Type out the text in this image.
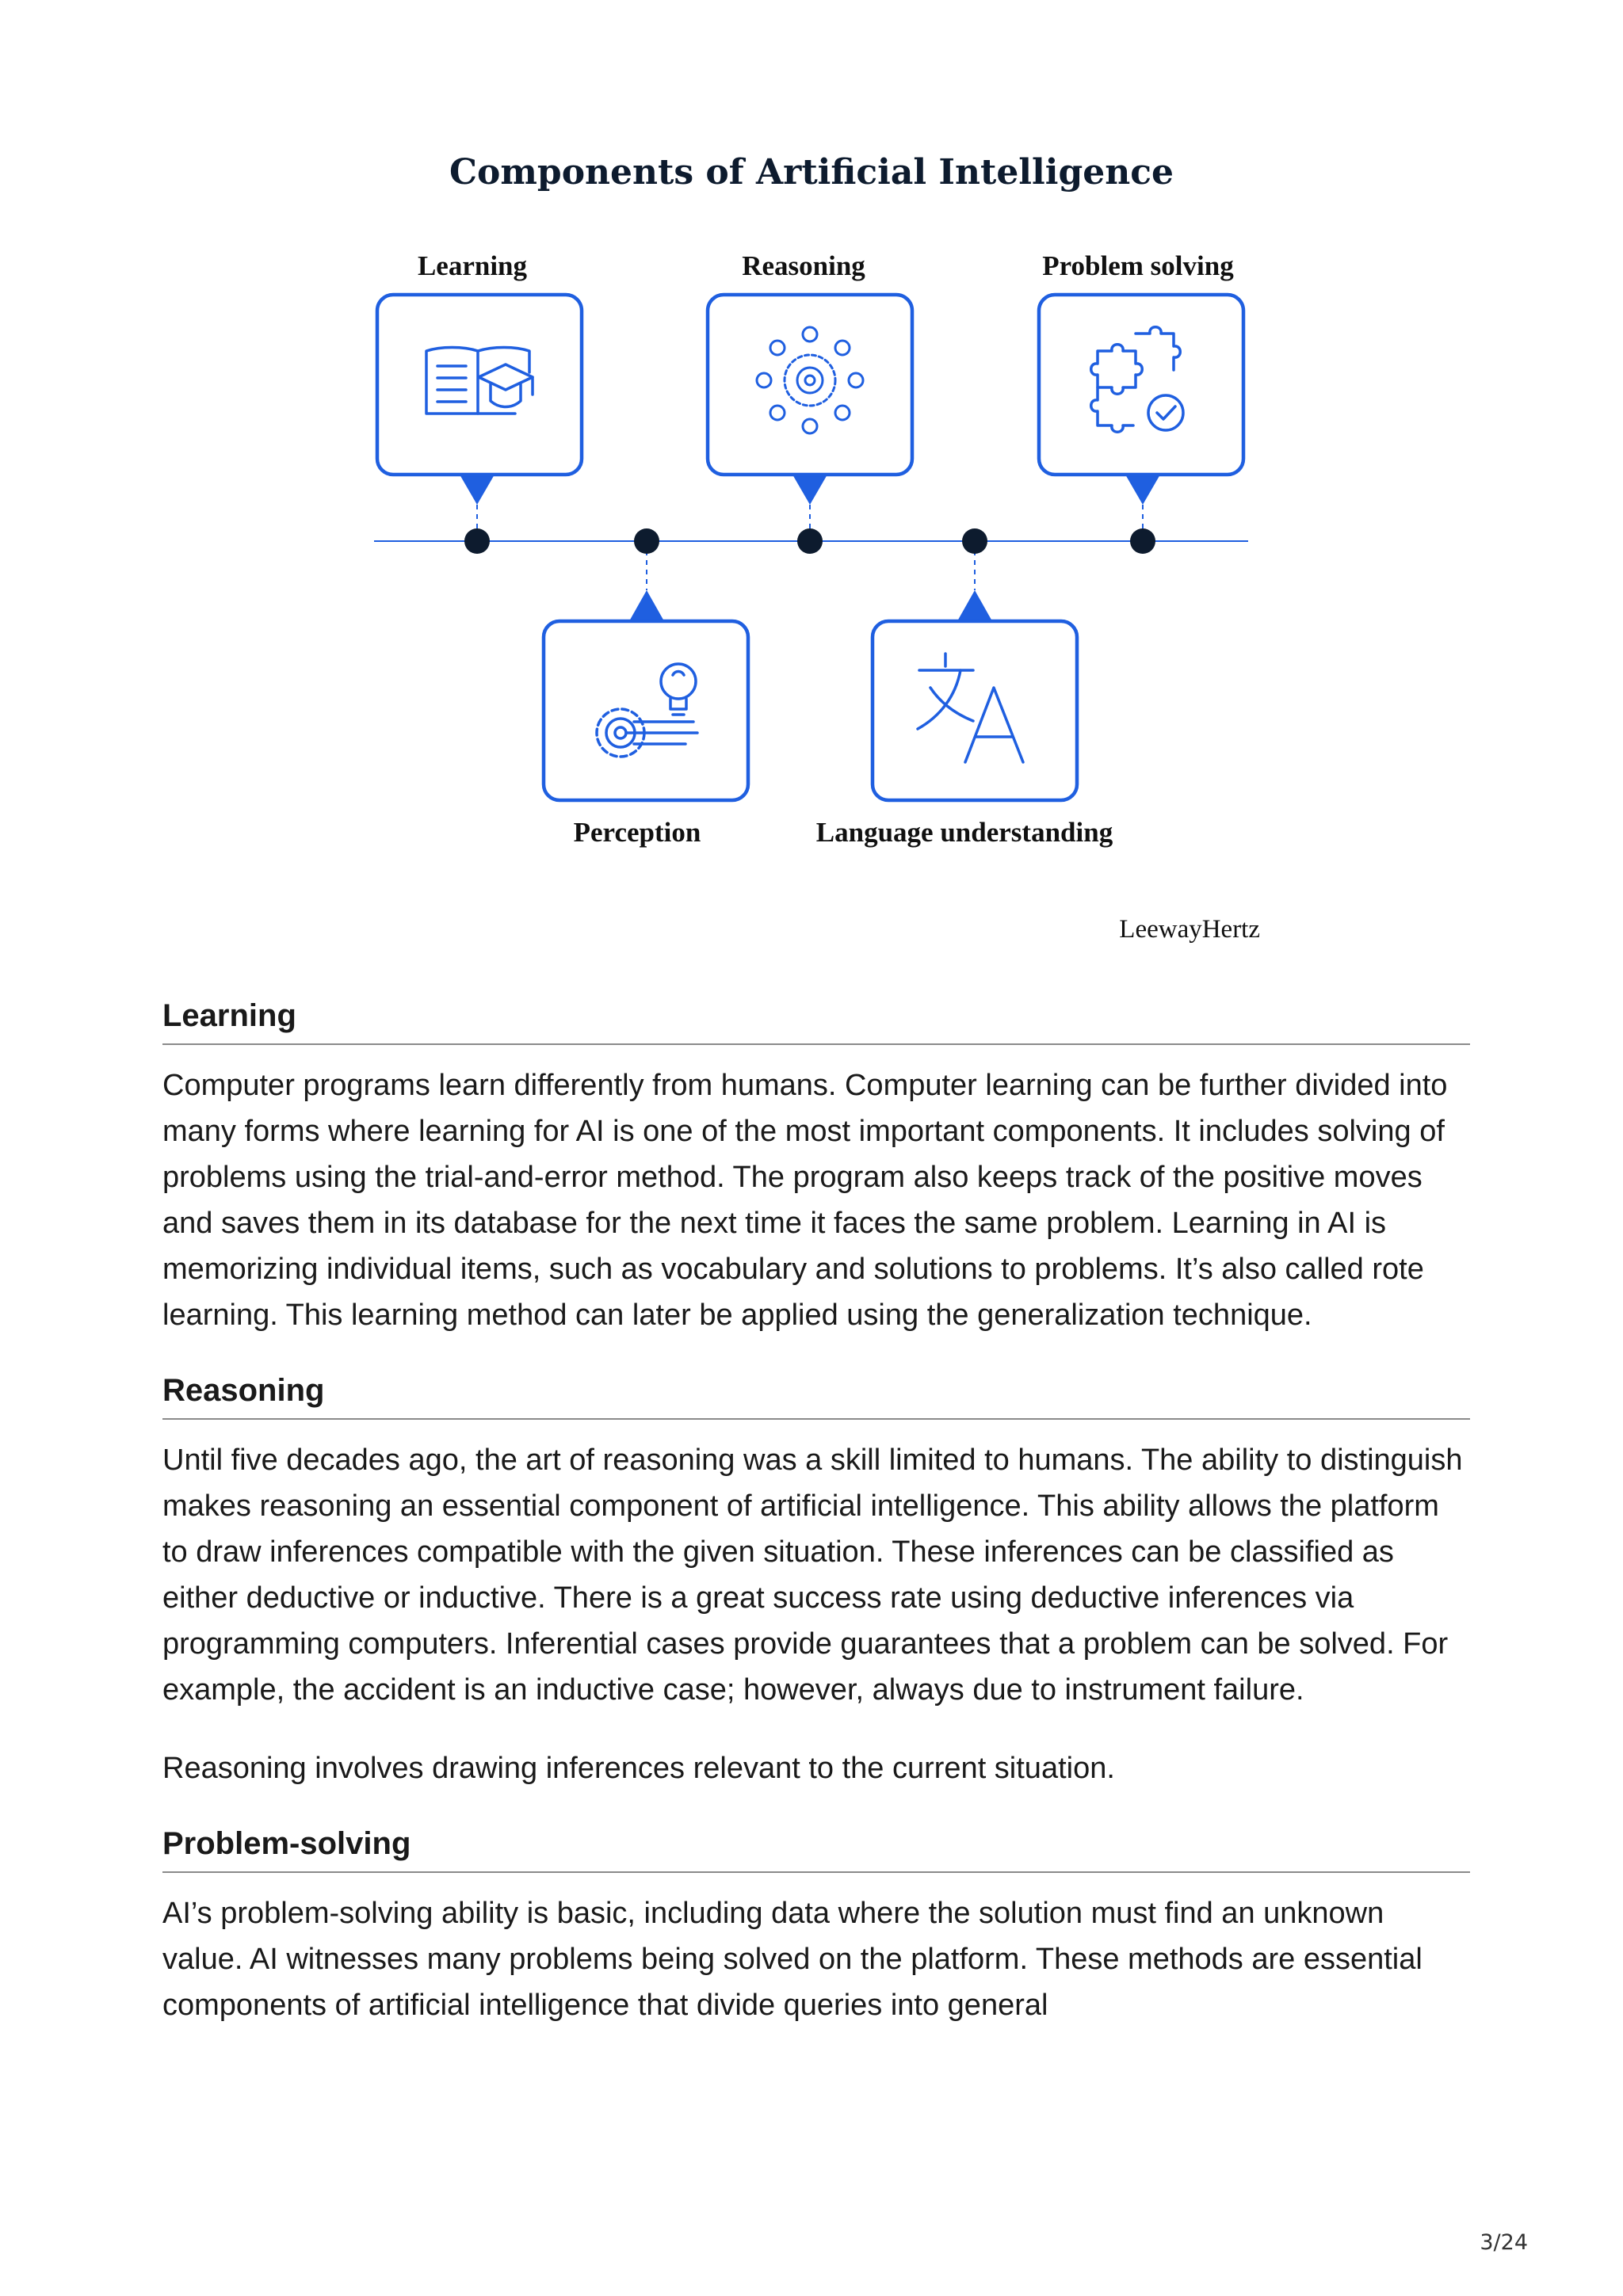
Components of Artificial Intelligence
Learning	Reasoning	Problem solving
Perception	Language understanding
LeewayHertz
Learning

Computer programs learn differently from humans. Computer learning can be further divided into many forms where learning for AI is one of the most important components. It includes solving of problems using the trial-and-error method. The program also keeps track of the positive moves and saves them in its database for the next time it faces the same problem. Learning in AI is memorizing individual items, such as vocabulary and solutions to problems. It’s also called rote learning. This learning method can later be applied using the generalization technique.

Reasoning

Until five decades ago, the art of reasoning was a skill limited to humans. The ability to distinguish makes reasoning an essential component of artificial intelligence. This ability allows the platform to draw inferences compatible with the given situation. These inferences can be classified as either deductive or inductive. There is a great success rate using deductive inferences via programming computers. Inferential cases provide guarantees that a problem can be solved. For example, the accident is an inductive case; however, always due to instrument failure.

Reasoning involves drawing inferences relevant to the current situation.

Problem-solving

AI’s problem-solving ability is basic, including data where the solution must find an unknown value. AI witnesses many problems being solved on the platform. These methods are essential components of artificial intelligence that divide queries into general

3/24
